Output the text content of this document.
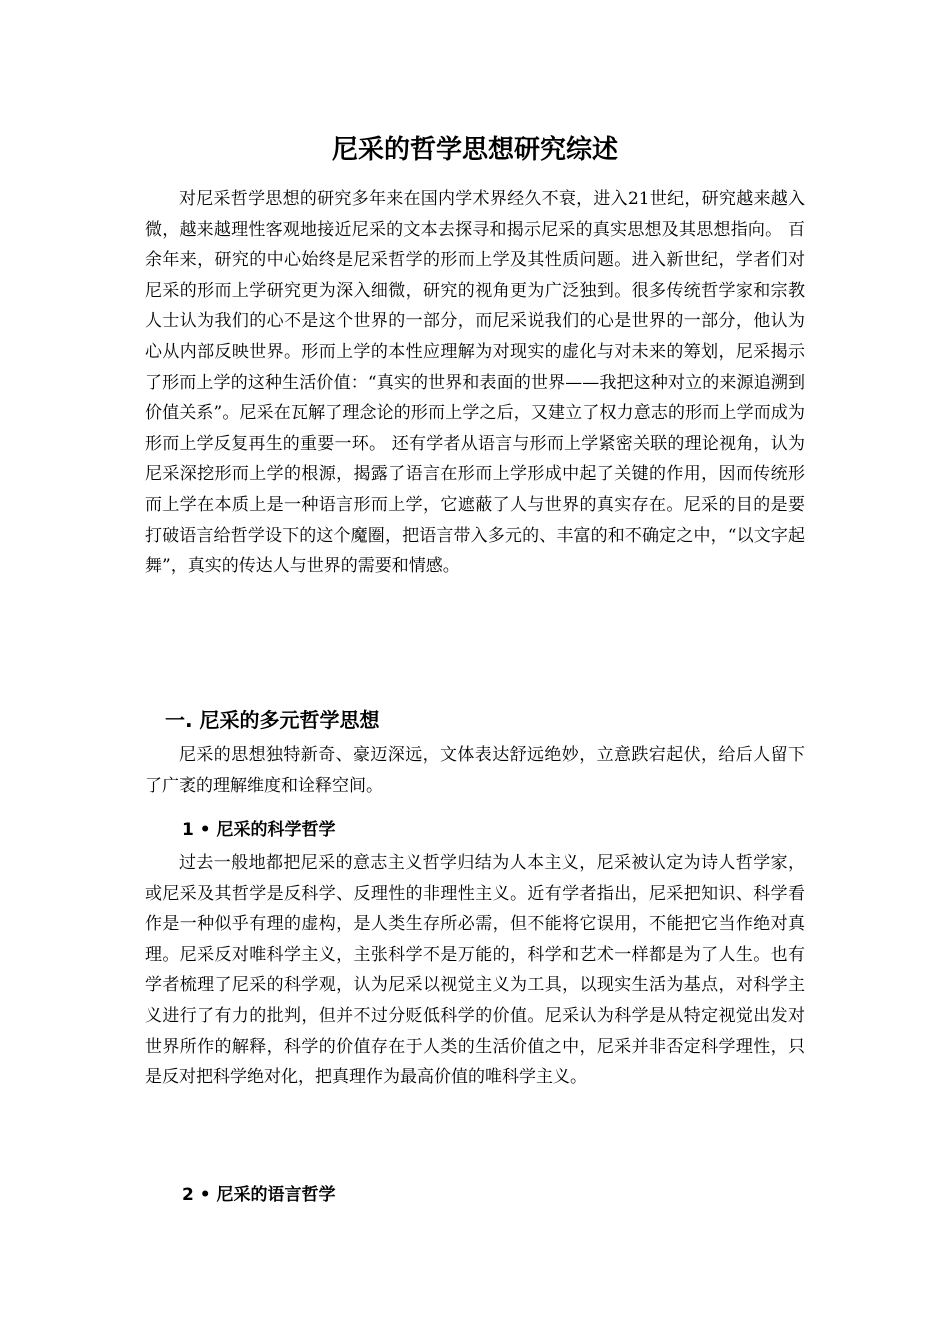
尼采的哲学思想研究综述

对尼采哲学思想的研究多年来在国内学术界经久不衰，进入21世纪，研究越来越入微，越来越理性客观地接近尼采的文本去探寻和揭示尼采的真实思想及其思想指向。 百余年来，研究的中心始终是尼采哲学的形而上学及其性质问题。进入新世纪，学者们对尼采的形而上学研究更为深入细微，研究的视角更为广泛独到。很多传统哲学家和宗教人士认为我们的心不是这个世界的一部分，而尼采说我们的心是世界的一部分，他认为心从内部反映世界。形而上学的本性应理解为对现实的虚化与对未来的筹划，尼采揭示了形而上学的这种生活价值：“真实的世界和表面的世界——我把这种对立的来源追溯到价值关系”。尼采在瓦解了理念论的形而上学之后，又建立了权力意志的形而上学而成为形而上学反复再生的重要一环。 还有学者从语言与形而上学紧密关联的理论视角，认为尼采深挖形而上学的根源，揭露了语言在形而上学形成中起了关键的作用，因而传统形而上学在本质上是一种语言形而上学，它遮蔽了人与世界的真实存在。尼采的目的是要打破语言给哲学设下的这个魔圈，把语言带入多元的、丰富的和不确定之中，“以文字起舞”，真实的传达人与世界的需要和情感。

一. 尼采的多元哲学思想

尼采的思想独特新奇、豪迈深远，文体表达舒远绝妙，立意跌宕起伏，给后人留下了广袤的理解维度和诠释空间。

1 • 尼采的科学哲学

过去一般地都把尼采的意志主义哲学归结为人本主义，尼采被认定为诗人哲学家，或尼采及其哲学是反科学、反理性的非理性主义。近有学者指出，尼采把知识、科学看作是一种似乎有理的虚构，是人类生存所必需，但不能将它误用，不能把它当作绝对真理。尼采反对唯科学主义，主张科学不是万能的，科学和艺术一样都是为了人生。也有学者梳理了尼采的科学观，认为尼采以视觉主义为工具，以现实生活为基点，对科学主义进行了有力的批判，但并不过分贬低科学的价值。尼采认为科学是从特定视觉出发对世界所作的解释，科学的价值存在于人类的生活价值之中，尼采并非否定科学理性，只是反对把科学绝对化，把真理作为最高价值的唯科学主义。

2 • 尼采的语言哲学
